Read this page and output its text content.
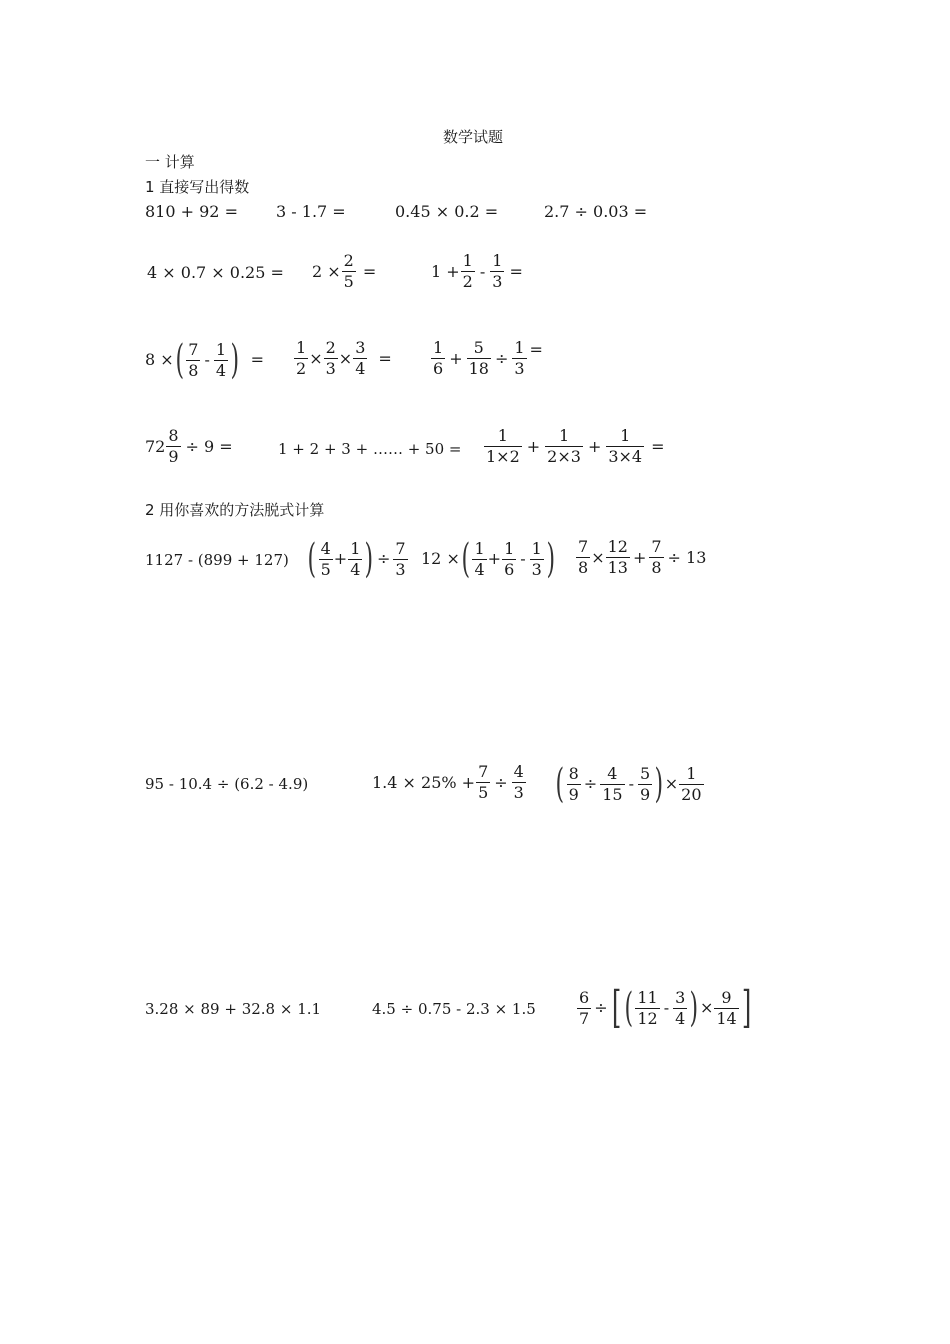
数学试题
一 计算
1 直接写出得数
810 + 92 = 3 - 1.7 =	0.45 × 0.2 =	2.7 ÷ 0.03 =
$4 \times 0.7 \times 0.25 = 2 \times \frac{2}{5}$ =	$1 + \frac{1}{2} - \frac{1}{3}$ =
8 × ( $\frac{7}{8} - \frac{1}{4}$ ) = $\frac{1}{2} \times \frac{2}{3} \times \frac{3}{4} = \frac{1}{6} + \frac{5}{18} \div \frac{1}{3}$ =
$72 \frac{8}{9} \div 9$ =	1 + 2 + 3 + …… + $50 = \frac{1}{1\times 2} + \frac{1}{2\times 3} + \frac{1}{3\times 4}$ =
2 用你喜欢的方法脱式计算
1127 - (899 + 127) ( $\frac{4}{5} + \frac{1}{4}$ ) ÷ $\frac{7}{3} 12$ × ( $\frac{1}{4} + \frac{1}{6} - \frac{1}{3}$ ) $\frac{7}{8} \times \frac{12}{13} + \frac{7}{8} \div 13$
95 - 10.4 ÷ (6.2 - 4.9)	$1.4 \times 25\% + \frac{7}{5} \div \frac{4}{3}$ ( $\frac{8}{9} \div \frac{4}{15} - \frac{5}{9}$ ) × $\frac{1}{20}$
3.28 × 89 + 32.8 × 1.1	4.5 ÷ 0.75 - 2.3 × 1.5	$\frac{6}{7}$ ÷ [ ( $\frac{11}{12} - \frac{3}{4}$ ) × $\frac{9}{14}$ ]
